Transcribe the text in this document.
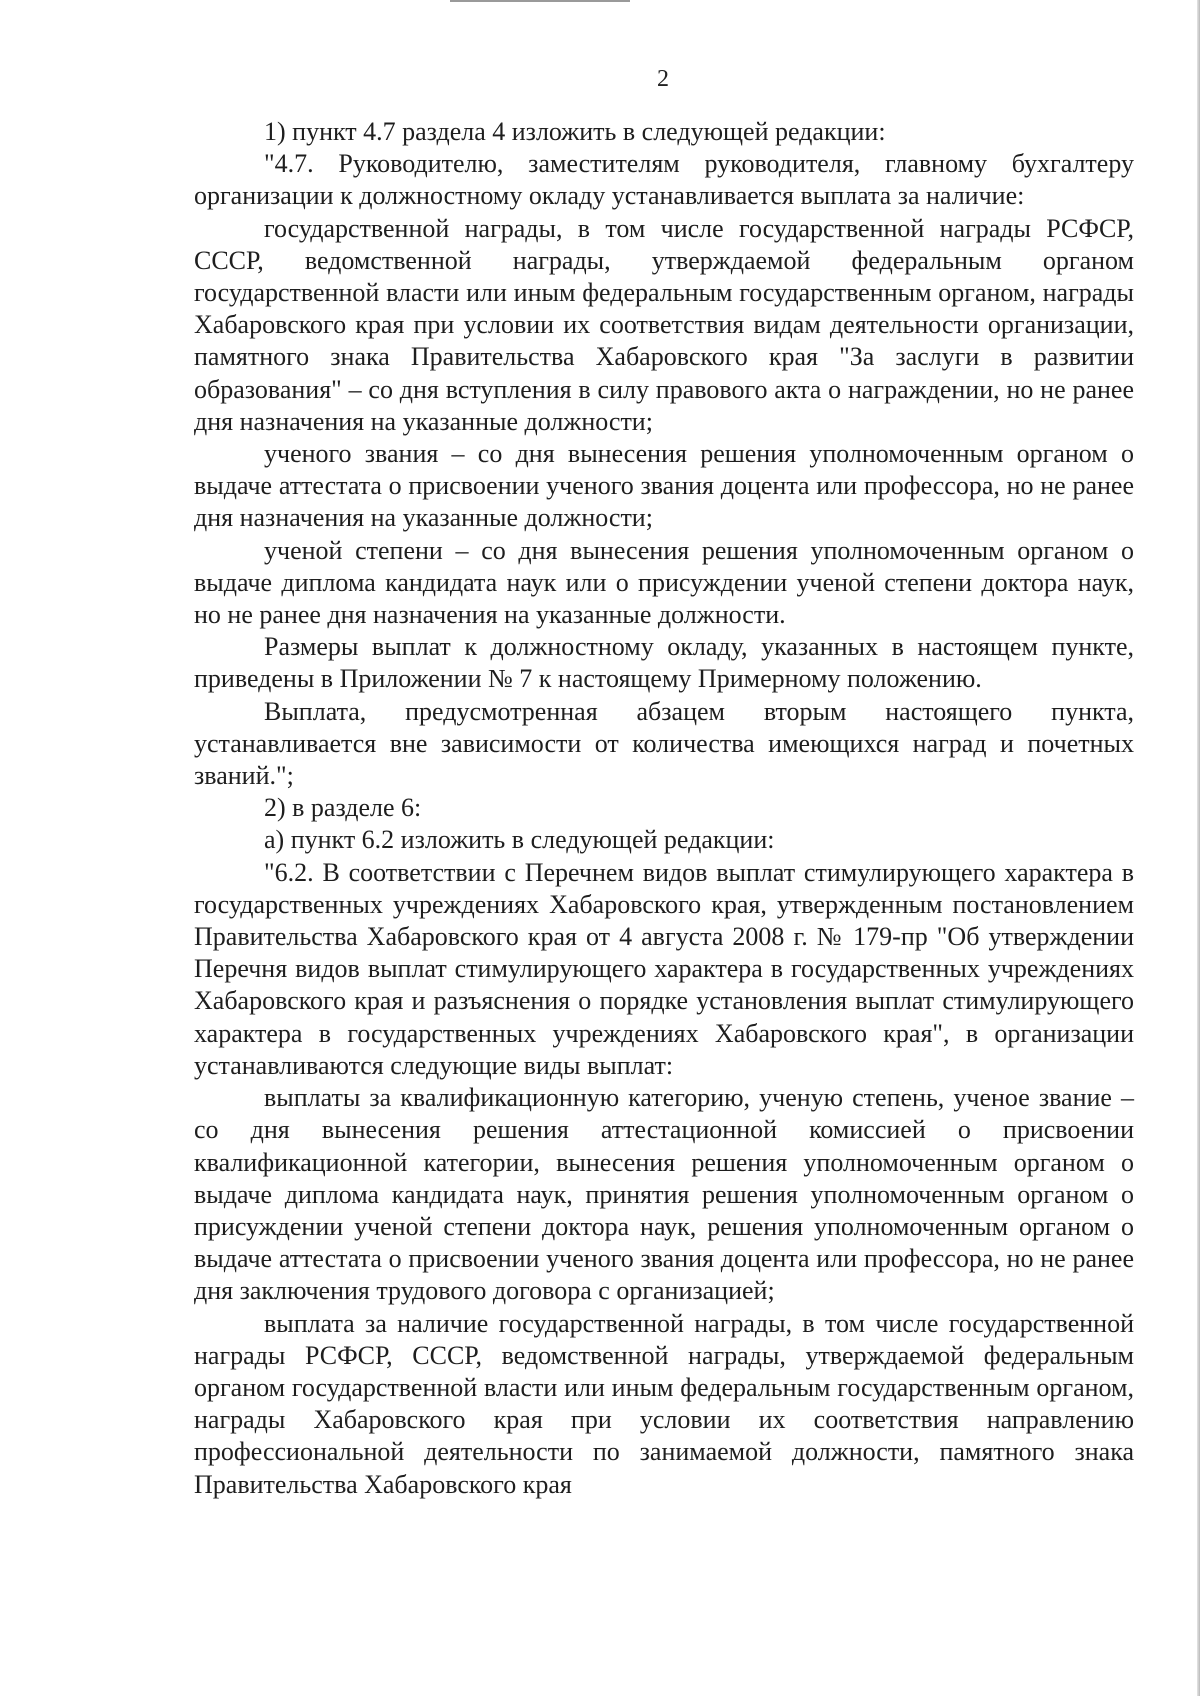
2

1) пункт 4.7 раздела 4 изложить в следующей редакции:

"4.7. Руководителю, заместителям руководителя, главному бухгалтеру организации к должностному окладу устанавливается выплата за наличие:

государственной награды, в том числе государственной награды РСФСР, СССР, ведомственной награды, утверждаемой федеральным органом государственной власти или иным федеральным государственным органом, награды Хабаровского края при условии их соответствия видам деятельности организации, памятного знака Правительства Хабаровского края "За заслуги в развитии образования" – со дня вступления в силу правового акта о награждении, но не ранее дня назначения на указанные должности;

ученого звания – со дня вынесения решения уполномоченным органом о выдаче аттестата о присвоении ученого звания доцента или профессора, но не ранее дня назначения на указанные должности;

ученой степени – со дня вынесения решения уполномоченным органом о выдаче диплома кандидата наук или о присуждении ученой степени доктора наук, но не ранее дня назначения на указанные должности.

Размеры выплат к должностному окладу, указанных в настоящем пункте, приведены в Приложении № 7 к настоящему Примерному положению.

Выплата, предусмотренная абзацем вторым настоящего пункта, устанавливается вне зависимости от количества имеющихся наград и почетных званий.";

2) в разделе 6:

а) пункт 6.2 изложить в следующей редакции:

"6.2. В соответствии с Перечнем видов выплат стимулирующего характера в государственных учреждениях Хабаровского края, утвержденным постановлением Правительства Хабаровского края от 4 августа 2008 г. № 179-пр "Об утверждении Перечня видов выплат стимулирующего характера в государственных учреждениях Хабаровского края и разъяснения о порядке установления выплат стимулирующего характера в государственных учреждениях Хабаровского края", в организации устанавливаются следующие виды выплат:

выплаты за квалификационную категорию, ученую степень, ученое звание – со дня вынесения решения аттестационной комиссией о присвоении квалификационной категории, вынесения решения уполномоченным органом о выдаче диплома кандидата наук, принятия решения уполномоченным органом о присуждении ученой степени доктора наук, решения уполномоченным органом о выдаче аттестата о присвоении ученого звания доцента или профессора, но не ранее дня заключения трудового договора с организацией;

выплата за наличие государственной награды, в том числе государственной награды РСФСР, СССР, ведомственной награды, утверждаемой федеральным органом государственной власти или иным федеральным государственным органом, награды Хабаровского края при условии их соответствия направлению профессиональной деятельности по занимаемой должности, памятного знака Правительства Хабаровского края
